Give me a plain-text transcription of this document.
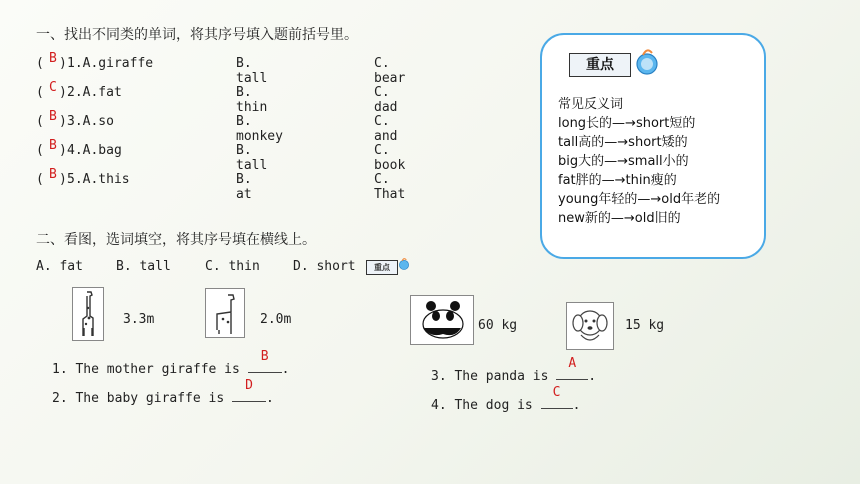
一、找出不同类的单词，将其序号填入题前括号里。
( B ) 1.A.giraffe	B. tall
C. bear
( C ) 2.A.fat	B. thin
C. dad
( B ) 3.A.so	B. monkey
C. and
( B ) 4.A.bag	B. tall
C. book
( B ) 5.A.this	B. at
C. That
重点
常见反义词
long长的—→short短的
tall高的—→short矮的
big大的—→small小的
fat胖的—→thin瘦的
young年轻的—→old年老的
new新的—→old旧的
二、看图，选词填空，将其序号填在横线上。
A. fat	B. tall	C. thin	D. short	重点
3.3m	2.0m	60 kg	15 kg
1. The mother giraffe is
B
.
2. The baby giraffe is
D
.
3. The panda is
A
.
4. The dog is
C
.
